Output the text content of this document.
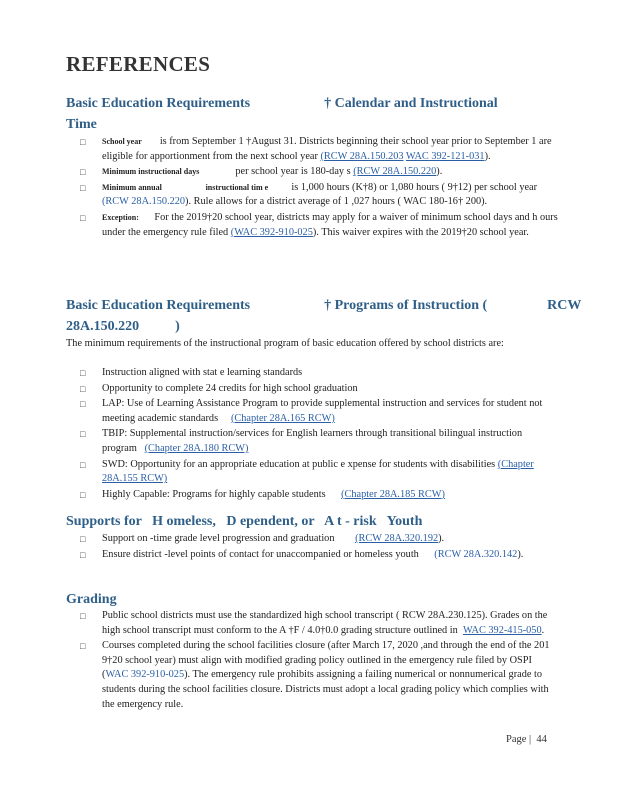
REFERENCES
Basic Education Requirements	† Calendar and Instructional
Time
□	School year is from September 1 †August 31. Districts beginning their school year prior to September 1 are eligible for apportionment from the next school year (RCW 28A.150.203 WAC 392-121-031).
□	Minimum instructional days	per school year is 180-day s (RCW 28A.150.220).
□	Minimum annual	instructional tim e is 1,000 hours (K†8) or 1,080 hours ( 9†12) per school year (RCW 28A.150.220). Rule allows for a district average of 1 ,027 hours ( WAC 180-16† 200).
□	Exception: For the 2019†20 school year, districts may apply for a waiver of minimum school days and h ours under the emergency rule filed (WAC 392-910-025). This waiver expires with the 2019†20 school year.
Basic Education Requirements	† Programs of Instruction (	RCW
28A.150.220	)
The minimum requirements of the instructional program of basic education offered by school districts are:
□ Instruction aligned with stat e learning standards
□ Opportunity to complete 24 credits for high school graduation
□ LAP: Use of Learning Assistance Program to provide supplemental instruction and services for student not meeting academic standards (Chapter 28A.165 RCW)
□ TBIP: Supplemental instruction/services for English learners through transitional bilingual instruction program (Chapter 28A.180 RCW)
□ SWD: Opportunity for an appropriate education at public e xpense for students with disabilities (Chapter 28A.155 RCW)
□ Highly Capable: Programs for highly capable students (Chapter 28A.185 RCW)
Supports for   H omeless,   D ependent, or   A t - risk   Youth
□ Support on -time grade level progression and graduation (RCW 28A.320.192).
□ Ensure district -level points of contact for unaccompanied or homeless youth (RCW 28A.320.142).
Grading
□ Public school districts must use the standardized high school transcript ( RCW 28A.230.125). Grades on the high school transcript must conform to the A †F / 4.0†0.0 grading structure outlined in WAC 392-415-050.
□ Courses completed during the school facilities closure (after March 17, 2020 ,and through the end of the 201 9†20 school year) must align with modified grading policy outlined in the emergency rule filed by OSPI (WAC 392-910-025). The emergency rule prohibits assigning a failing numerical or nonnumerical grade to students during the school facilities closure. Districts must adopt a local grading policy which complies with the emergency rule.
Page | 44
